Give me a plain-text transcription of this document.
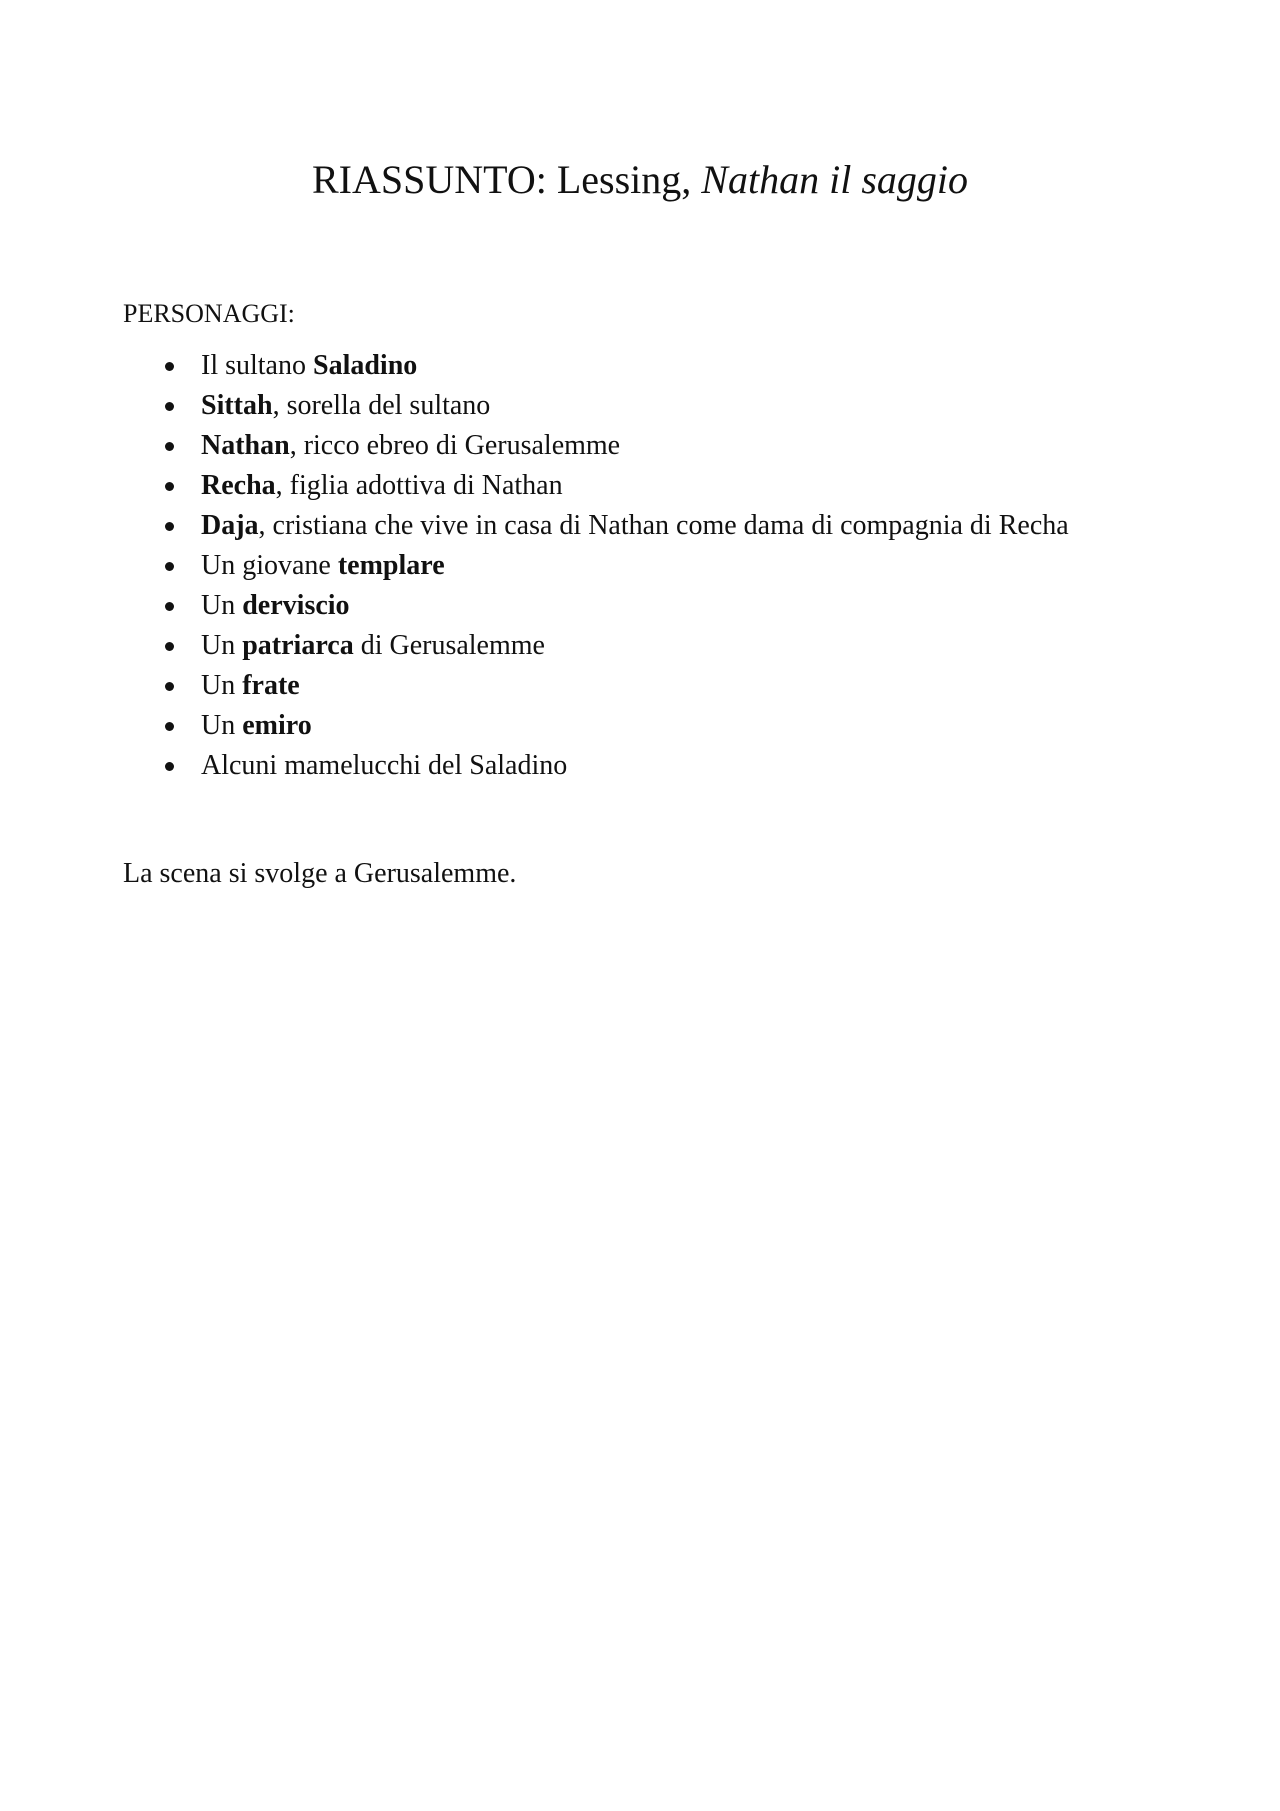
RIASSUNTO: Lessing, Nathan il saggio

PERSONAGGI:

Il sultano Saladino
Sittah, sorella del sultano
Nathan, ricco ebreo di Gerusalemme
Recha, figlia adottiva di Nathan
Daja, cristiana che vive in casa di Nathan come dama di compagnia di Recha
Un giovane templare
Un derviscio
Un patriarca di Gerusalemme
Un frate
Un emiro
Alcuni mamelucchi del Saladino

La scena si svolge a Gerusalemme.
